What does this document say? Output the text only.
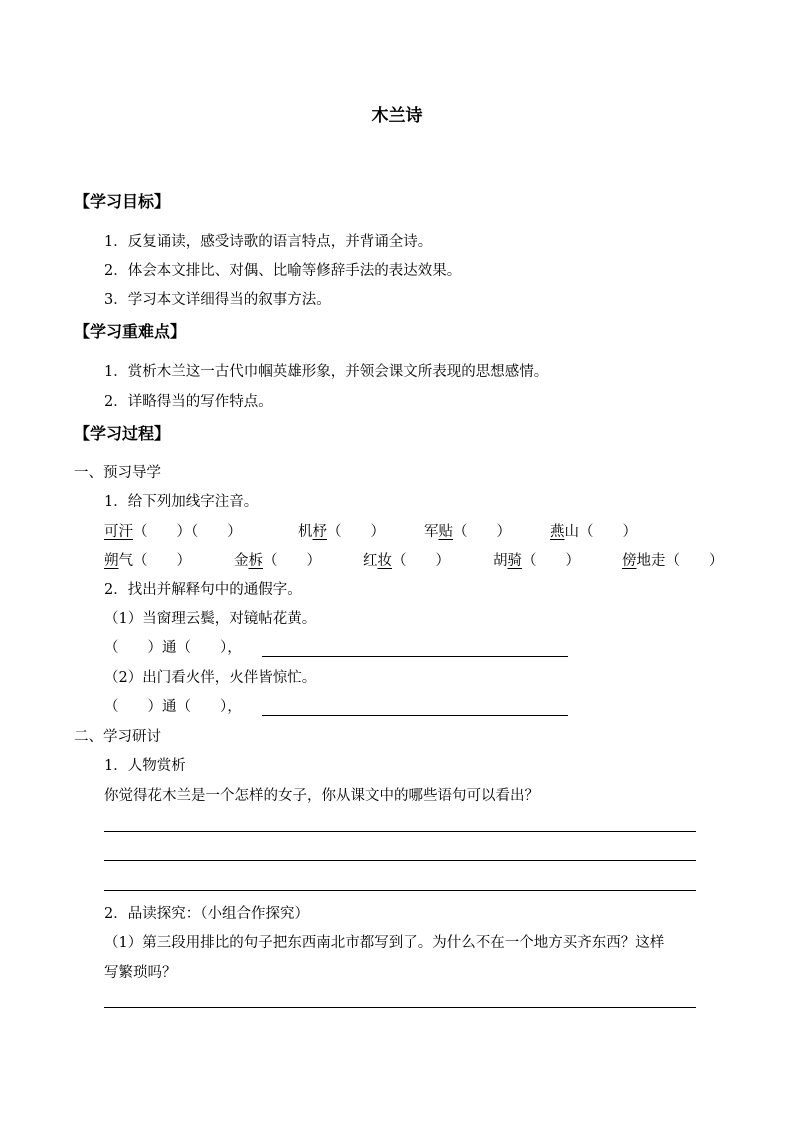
木兰诗
【学习目标】
1．反复诵读，感受诗歌的语言特点，并背诵全诗。
2．体会本文排比、对偶、比喻等修辞手法的表达效果。
3．学习本文详细得当的叙事方法。
【学习重难点】
1．赏析木兰这一古代巾帼英雄形象，并领会课文所表现的思想感情。
2．详略得当的写作特点。
【学习过程】
一、预习导学
1．给下列加线字注音。
可汗（　　）（　　）	机杼（　　）	军贴（　　）	燕山（　　）
朔气（　　）	金柝（　　）	红妆（　　）	胡骑（　　）	傍地走（　　）
2．找出并解释句中的通假字。
（1）当窗理云鬓，对镜帖花黄。
（　　）通（　　），
（2）出门看火伴，火伴皆惊忙。
（　　）通（　　），
二、学习研讨
1．人物赏析
你觉得花木兰是一个怎样的女子，你从课文中的哪些语句可以看出？
2．品读探究：（小组合作探究）
（1）第三段用排比的句子把东西南北市都写到了。为什么不在一个地方买齐东西？这样
写繁琐吗？
